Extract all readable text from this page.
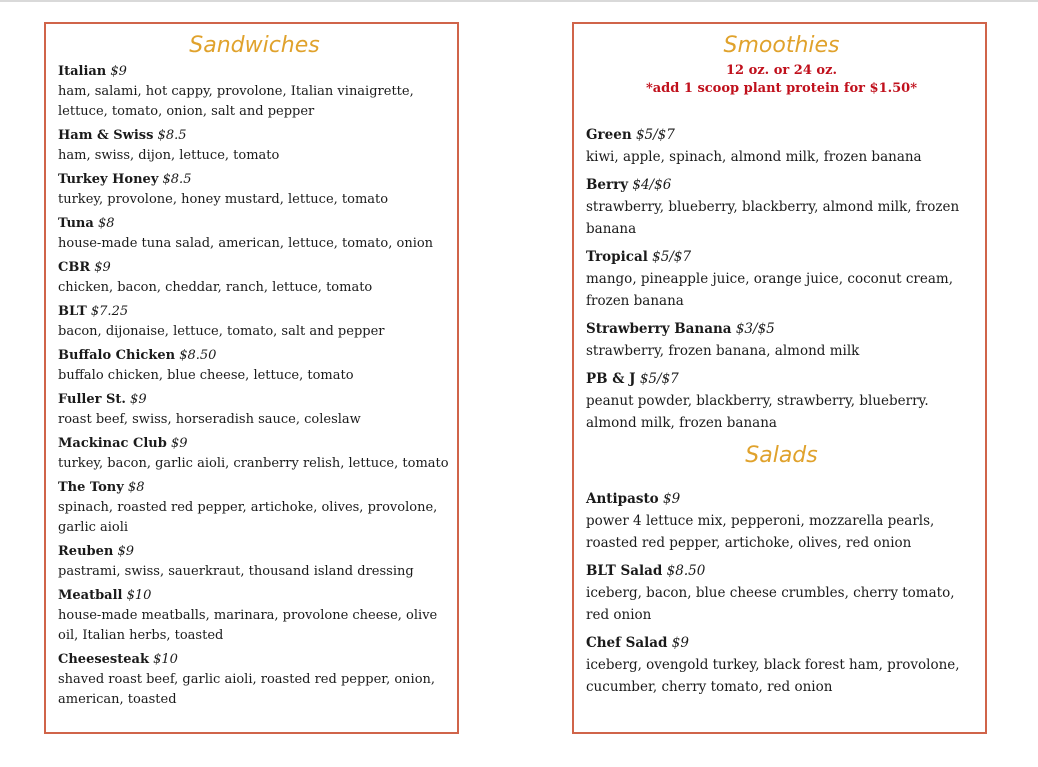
Sandwiches
Italian $9
ham, salami, hot cappy, provolone, Italian vinaigrette, lettuce, tomato, onion, salt and pepper
Ham & Swiss $8.5
ham, swiss, dijon, lettuce, tomato
Turkey Honey $8.5
turkey, provolone, honey mustard, lettuce, tomato
Tuna $8
house-made tuna salad, american, lettuce, tomato, onion
CBR $9
chicken, bacon, cheddar, ranch, lettuce, tomato
BLT $7.25
bacon, dijonaise, lettuce, tomato, salt and pepper
Buffalo Chicken $8.50
buffalo chicken, blue cheese, lettuce, tomato
Fuller St. $9
roast beef, swiss, horseradish sauce, coleslaw
Mackinac Club $9
turkey, bacon, garlic aioli, cranberry relish, lettuce, tomato
The Tony $8
spinach, roasted red pepper, artichoke, olives, provolone, garlic aioli
Reuben $9
pastrami, swiss, sauerkraut, thousand island dressing
Meatball $10
house-made meatballs, marinara, provolone cheese, olive oil, Italian herbs, toasted
Cheesesteak $10
shaved roast beef, garlic aioli, roasted red pepper, onion, american, toasted
Smoothies

12 oz. or 24 oz.

*add 1 scoop plant protein for $1.50*

Green $5/$7
kiwi, apple, spinach, almond milk, frozen banana
Berry $4/$6
strawberry, blueberry, blackberry, almond milk, frozen banana
Tropical $5/$7
mango, pineapple juice, orange juice, coconut cream, frozen banana
Strawberry Banana $3/$5
strawberry, frozen banana, almond milk
PB & J $5/$7
peanut powder, blackberry, strawberry, blueberry. almond milk, frozen banana
Salads
Antipasto $9
power 4 lettuce mix, pepperoni, mozzarella pearls, roasted red pepper, artichoke, olives, red onion
BLT Salad $8.50
iceberg, bacon, blue cheese crumbles, cherry tomato, red onion
Chef Salad $9
iceberg, ovengold turkey, black forest ham, provolone, cucumber, cherry tomato, red onion
